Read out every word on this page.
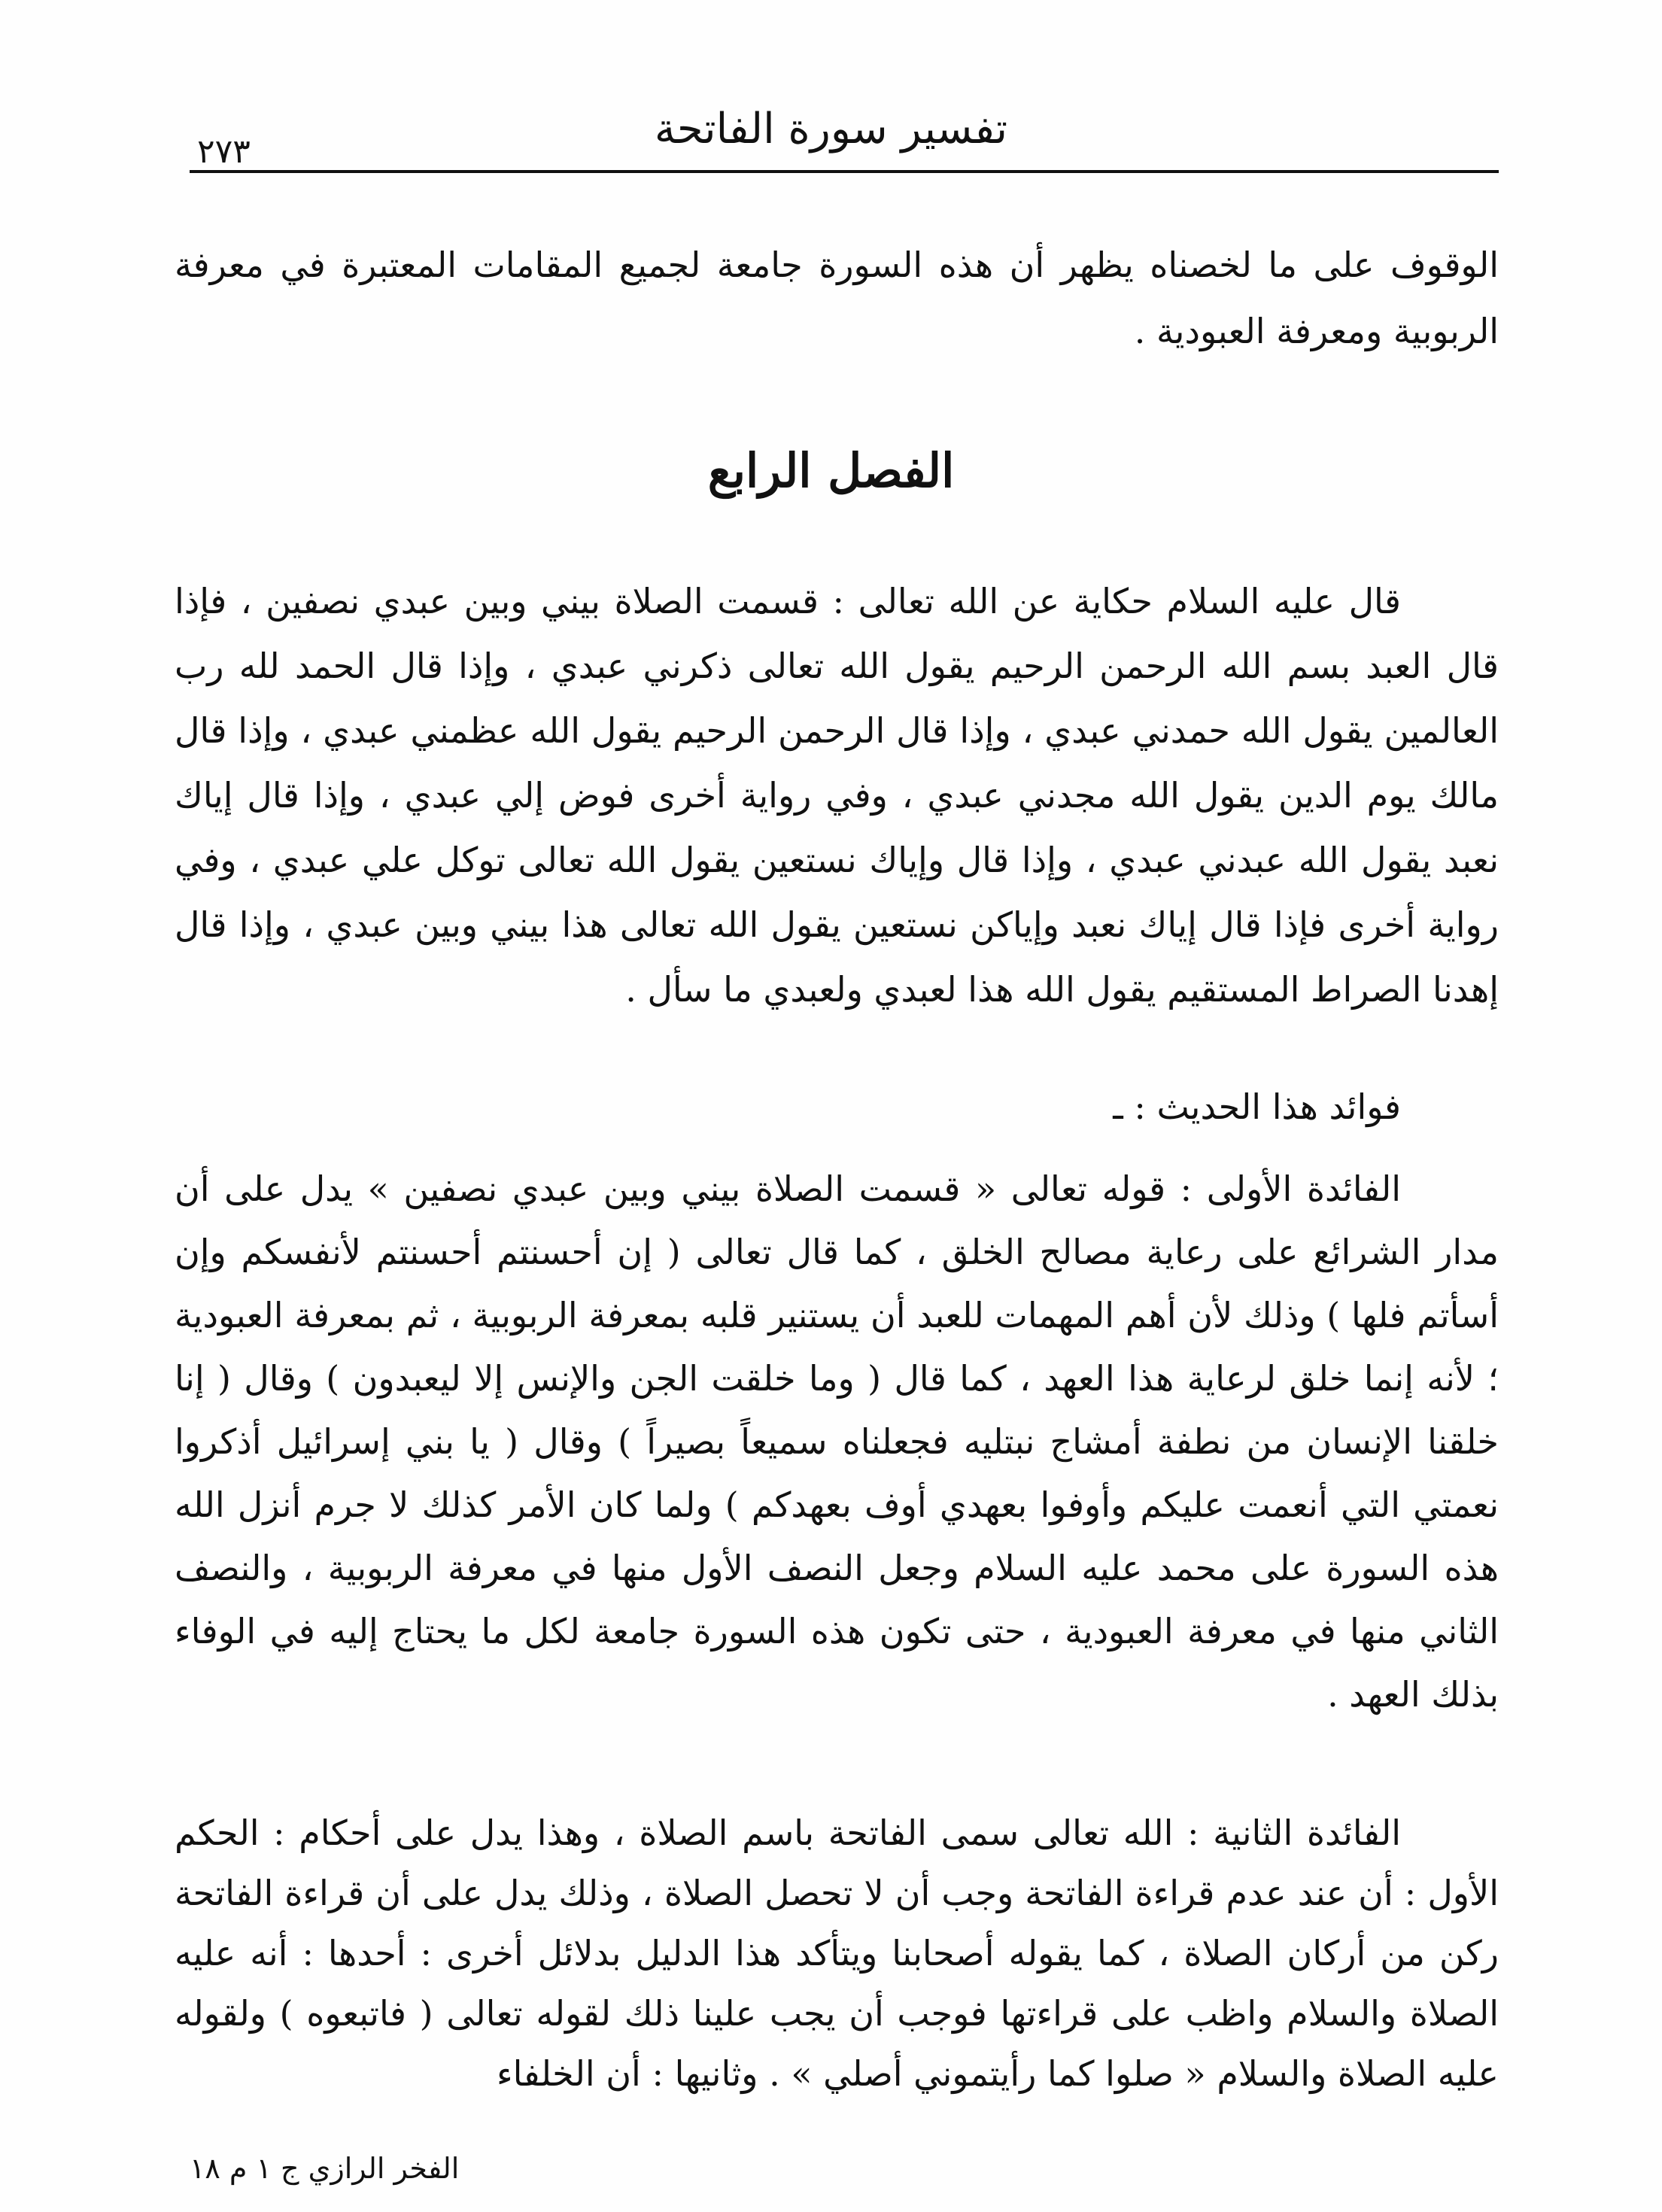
تفسير سورة الفاتحة
٢٧٣

الوقوف على ما لخصناه يظهر أن هذه السورة جامعة لجميع المقامات المعتبرة في معرفة الربوبية ومعرفة العبودية .

الفصل الرابع

قال عليه السلام حكاية عن الله تعالى : قسمت الصلاة بيني وبين عبدي نصفين ، فإذا قال العبد بسم الله الرحمن الرحيم يقول الله تعالى ذكرني عبدي ، وإذا قال الحمد لله رب العالمين يقول الله حمدني عبدي ، وإذا قال الرحمن الرحيم يقول الله عظمني عبدي ، وإذا قال مالك يوم الدين يقول الله مجدني عبدي ، وفي رواية أخرى فوض إلي عبدي ، وإذا قال إياك نعبد يقول الله عبدني عبدي ، وإذا قال وإياك نستعين يقول الله تعالى توكل علي عبدي ، وفي رواية أخرى فإذا قال إياك نعبد وإياكن نستعين يقول الله تعالى هذا بيني وبين عبدي ، وإذا قال إهدنا الصراط المستقيم يقول الله هذا لعبدي ولعبدي ما سأل .

فوائد هذا الحديث : ـ

الفائدة الأولى : قوله تعالى « قسمت الصلاة بيني وبين عبدي نصفين » يدل على أن مدار الشرائع على رعاية مصالح الخلق ، كما قال تعالى ( إن أحسنتم أحسنتم لأنفسكم وإن أسأتم فلها ) وذلك لأن أهم المهمات للعبد أن يستنير قلبه بمعرفة الربوبية ، ثم بمعرفة العبودية ؛ لأنه إنما خلق لرعاية هذا العهد ، كما قال ( وما خلقت الجن والإنس إلا ليعبدون ) وقال ( إنا خلقنا الإنسان من نطفة أمشاج نبتليه فجعلناه سميعاً بصيراً ) وقال ( يا بني إسرائيل أذكروا نعمتي التي أنعمت عليكم وأوفوا بعهدي أوف بعهدكم ) ولما كان الأمر كذلك لا جرم أنزل الله هذه السورة على محمد عليه السلام وجعل النصف الأول منها في معرفة الربوبية ، والنصف الثاني منها في معرفة العبودية ، حتى تكون هذه السورة جامعة لكل ما يحتاج إليه في الوفاء بذلك العهد .

الفائدة الثانية : الله تعالى سمى الفاتحة باسم الصلاة ، وهذا يدل على أحكام : الحكم الأول : أن عند عدم قراءة الفاتحة وجب أن لا تحصل الصلاة ، وذلك يدل على أن قراءة الفاتحة ركن من أركان الصلاة ، كما يقوله أصحابنا ويتأكد هذا الدليل بدلائل أخرى : أحدها : أنه عليه الصلاة والسلام واظب على قراءتها فوجب أن يجب علينا ذلك لقوله تعالى ( فاتبعوه ) ولقوله عليه الصلاة والسلام « صلوا كما رأيتموني أصلي » . وثانيها : أن الخلفاء

الفخر الرازي ج ١ م ١٨
